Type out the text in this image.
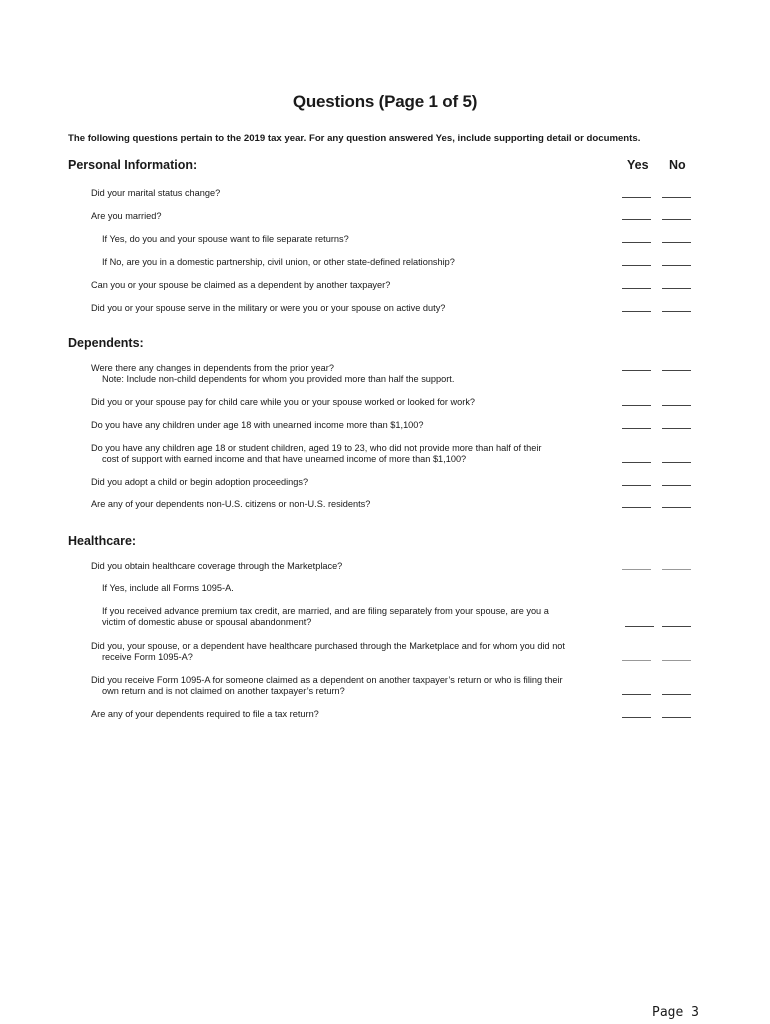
Questions (Page 1 of 5)
The following questions pertain to the 2019 tax year. For any question answered Yes, include supporting detail or documents.
Personal Information:	Yes No
Did your marital status change?
Are you married?
If Yes, do you and your spouse want to file separate returns?
If No, are you in a domestic partnership, civil union, or other state-defined relationship?
Can you or your spouse be claimed as a dependent by another taxpayer?
Did you or your spouse serve in the military or were you or your spouse on active duty?
Dependents:
Were there any changes in dependents from the prior year?
Note: Include non-child dependents for whom you provided more than half the support.
Did you or your spouse pay for child care while you or your spouse worked or looked for work?
Do you have any children under age 18 with unearned income more than $1,100?
Do you have any children age 18 or student children, aged 19 to 23, who did not provide more than half of their
cost of support with earned income and that have unearned income of more than $1,100?
Did you adopt a child or begin adoption proceedings?
Are any of your dependents non-U.S. citizens or non-U.S. residents?
Healthcare:
Did you obtain healthcare coverage through the Marketplace?
If Yes, include all Forms 1095-A.
If you received advance premium tax credit, are married, and are filing separately from your spouse, are you a
victim of domestic abuse or spousal abandonment?
Did you, your spouse, or a dependent have healthcare purchased through the Marketplace and for whom you did not
receive Form 1095-A?
Did you receive Form 1095-A for someone claimed as a dependent on another taxpayer’s return or who is filing their
own return and is not claimed on another taxpayer’s return?
Are any of your dependents required to file a tax return?
Page 3
